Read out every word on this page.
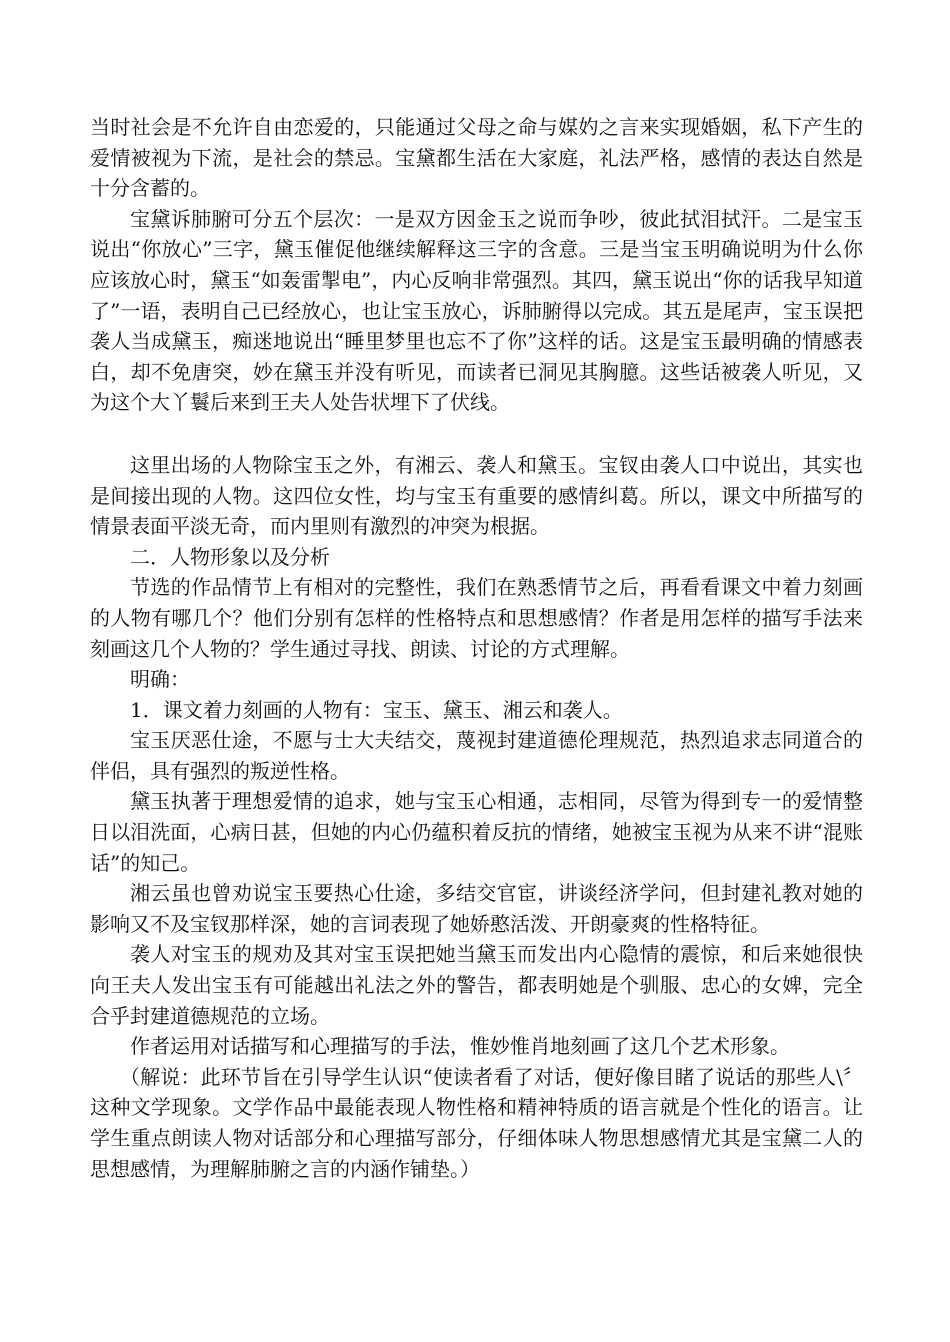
当时社会是不允许自由恋爱的，只能通过父母之命与媒妁之言来实现婚姻，私下产生的爱情被视为下流，是社会的禁忌。宝黛都生活在大家庭，礼法严格，感情的表达自然是十分含蓄的。

宝黛诉肺腑可分五个层次：一是双方因金玉之说而争吵，彼此拭泪拭汗。二是宝玉说出“你放心”三字，黛玉催促他继续解释这三字的含意。三是当宝玉明确说明为什么你应该放心时，黛玉“如轰雷掣电”，内心反响非常强烈。其四，黛玉说出“你的话我早知道了”一语，表明自己已经放心，也让宝玉放心，诉肺腑得以完成。其五是尾声，宝玉误把袭人当成黛玉，痴迷地说出“睡里梦里也忘不了你”这样的话。这是宝玉最明确的情感表白，却不免唐突，妙在黛玉并没有听见，而读者已洞见其胸臆。这些话被袭人听见，又为这个大丫鬟后来到王夫人处告状埋下了伏线。

这里出场的人物除宝玉之外，有湘云、袭人和黛玉。宝钗由袭人口中说出，其实也是间接出现的人物。这四位女性，均与宝玉有重要的感情纠葛。所以，课文中所描写的情景表面平淡无奇，而内里则有激烈的冲突为根据。

二．人物形象以及分析

节选的作品情节上有相对的完整性，我们在熟悉情节之后，再看看课文中着力刻画的人物有哪几个？他们分别有怎样的性格特点和思想感情？作者是用怎样的描写手法来刻画这几个人物的？学生通过寻找、朗读、讨论的方式理解。

明确：

1．课文着力刻画的人物有：宝玉、黛玉、湘云和袭人。

宝玉厌恶仕途，不愿与士大夫结交，蔑视封建道德伦理规范，热烈追求志同道合的伴侣，具有强烈的叛逆性格。

黛玉执著于理想爱情的追求，她与宝玉心相通，志相同，尽管为得到专一的爱情整日以泪洗面，心病日甚，但她的内心仍蕴积着反抗的情绪，她被宝玉视为从来不讲“混账话”的知己。

湘云虽也曾劝说宝玉要热心仕途，多结交官宦，讲谈经济学问，但封建礼教对她的影响又不及宝钗那样深，她的言词表现了她娇憨活泼、开朗豪爽的性格特征。

袭人对宝玉的规劝及其对宝玉误把她当黛玉而发出内心隐情的震惊，和后来她很快向王夫人发出宝玉有可能越出礼法之外的警告，都表明她是个驯服、忠心的女婢，完全合乎封建道德规范的立场。

作者运用对话描写和心理描写的手法，惟妙惟肖地刻画了这几个艺术形象。

（解说：此环节旨在引导学生认识“使读者看了对话，便好像目睹了说话的那些人\〞这种文学现象。文学作品中最能表现人物性格和精神特质的语言就是个性化的语言。让学生重点朗读人物对话部分和心理描写部分，仔细体味人物思想感情尤其是宝黛二人的思想感情，为理解肺腑之言的内涵作铺垫。）
